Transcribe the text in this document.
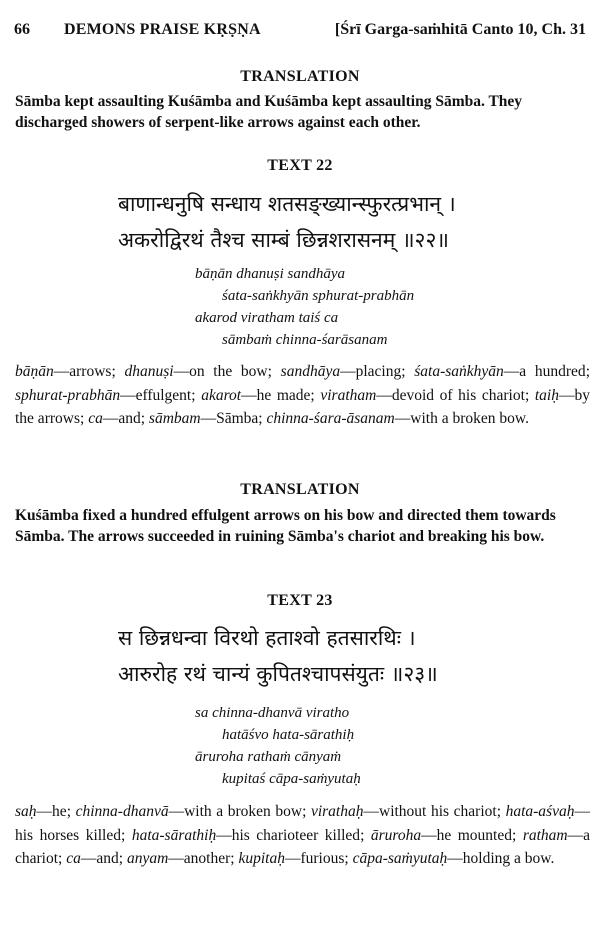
66 DEMONS PRAISE KṚṢṆA	[Śrī Garga-saṁhitā Canto 10, Ch. 31
TRANSLATION
Sāmba kept assaulting Kuśāmba and Kuśāmba kept assaulting Sāmba. They discharged showers of serpent-like arrows against each other.
TEXT 22
बाणान्धनुषि सन्धाय शतसङ्ख्यान्स्फुरत्प्रभान् ।
अकरोद्विरथं तैश्च साम्बं छिन्नशरासनम् ॥२२॥
bāṇān dhanuṣi sandhāya
śata-saṅkhyān sphurat-prabhān
akarod viratham taiś ca
sāmbaṁ chinna-śarāsanam
bāṇān—arrows; dhanuṣi—on the bow; sandhāya—placing; śata-saṅkhyān—a hundred; sphurat-prabhān—effulgent; akarot—he made; viratham—devoid of his chariot; taiḥ—by the arrows; ca—and; sāmbam—Sāmba; chinna-śara-āsanam—with a broken bow.
TRANSLATION
Kuśāmba fixed a hundred effulgent arrows on his bow and directed them towards Sāmba. The arrows succeeded in ruining Sāmba's chariot and breaking his bow.
TEXT 23
स छिन्नधन्वा विरथो हताश्वो हतसारथिः ।
आरुरोह रथं चान्यं कुपितश्चापसंयुतः ॥२३॥
sa chinna-dhanvā viratho
hatāśvo hata-sārathiḥ
āruroha rathaṁ cānyaṁ
kupitaś cāpa-saṁyutaḥ
saḥ—he; chinna-dhanvā—with a broken bow; virathaḥ—without his chariot; hata-aśvaḥ—his horses killed; hata-sārathiḥ—his charioteer killed; āruroha—he mounted; ratham—a chariot; ca—and; anyam—another; kupitaḥ—furious; cāpa-saṁyutaḥ—holding a bow.
